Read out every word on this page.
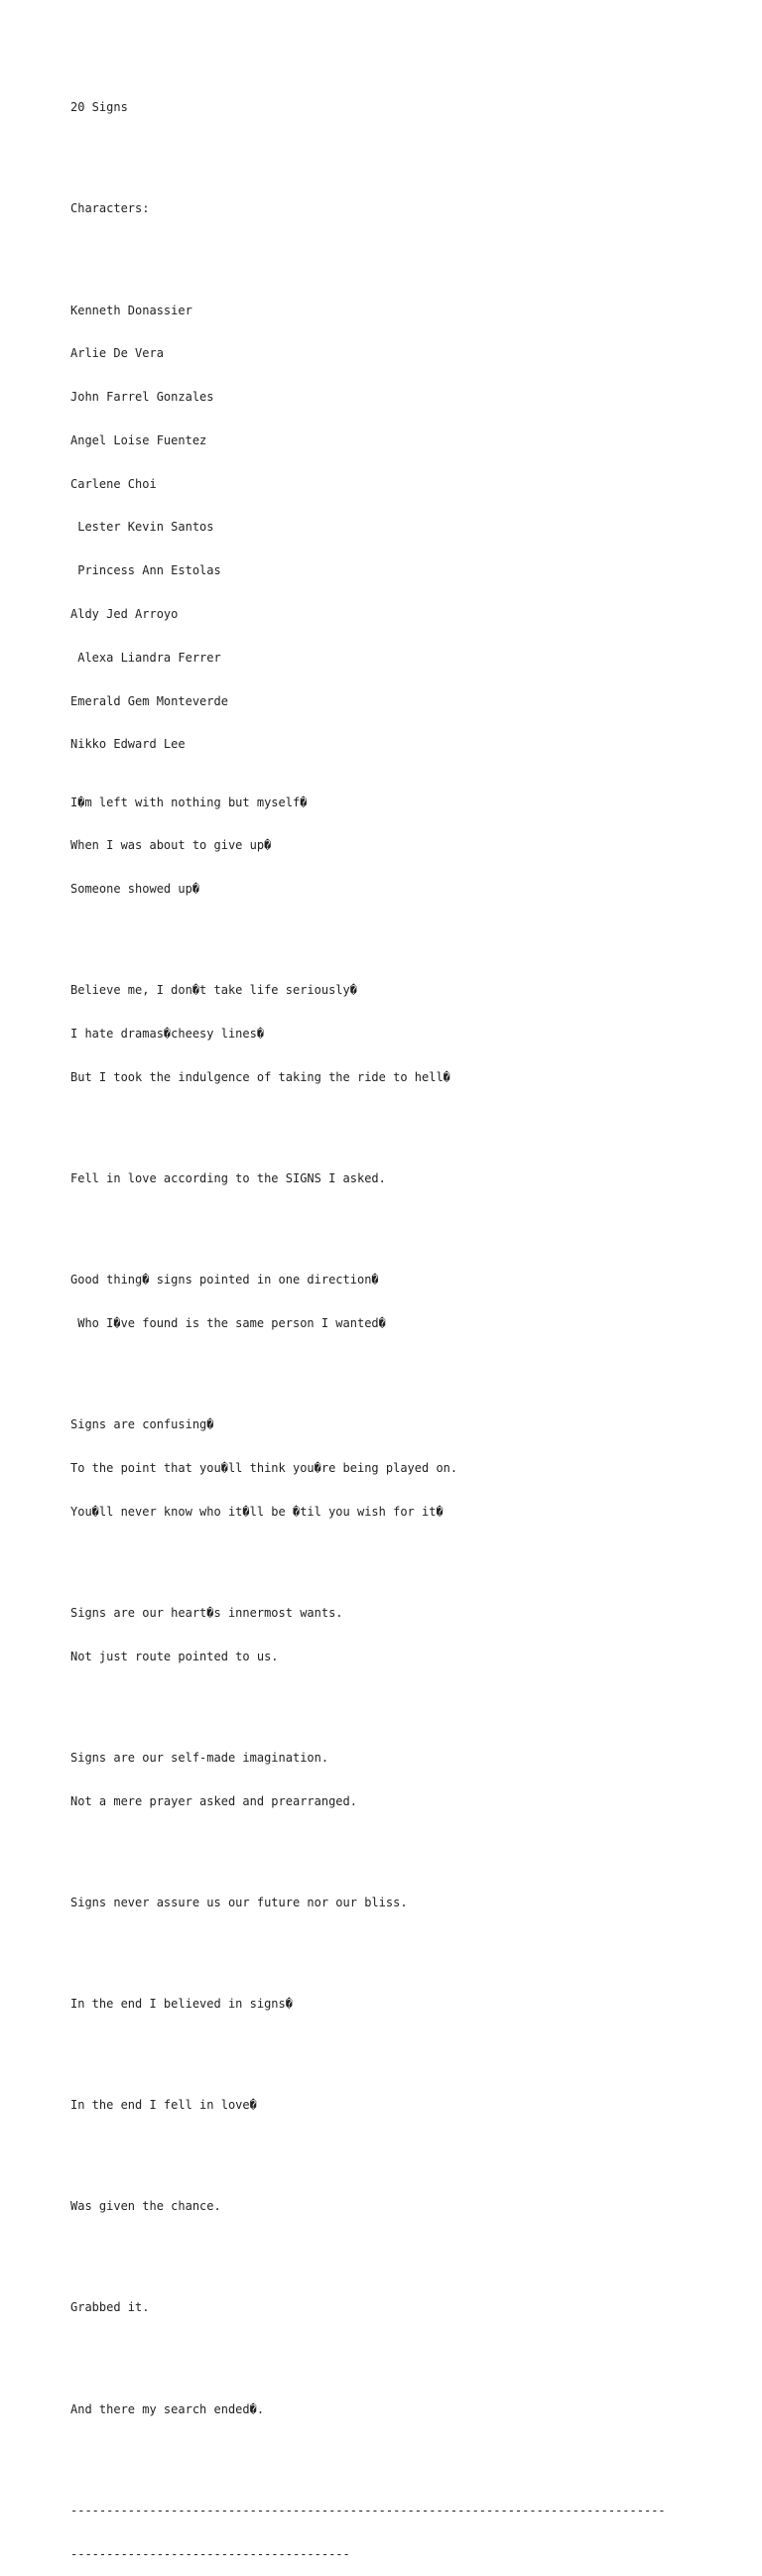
20 Signs

Characters:

Kenneth Donassier

Arlie De Vera

John Farrel Gonzales

Angel Loise Fuentez

Carlene Choi

Lester Kevin Santos

Princess Ann Estolas

Aldy Jed Arroyo

Alexa Liandra Ferrer

Emerald Gem Monteverde

Nikko Edward Lee

I�m left with nothing but myself�

When I was about to give up�

Someone showed up�

Believe me, I don�t take life seriously�

I hate dramas�cheesy lines�

But I took the indulgence of taking the ride to hell�

Fell in love according to the SIGNS I asked.

Good thing� signs pointed in one direction�

Who I�ve found is the same person I wanted�

Signs are confusing�

To the point that you�ll think you�re being played on.

You�ll never know who it�ll be �til you wish for it�

Signs are our heart�s innermost wants.

Not just route pointed to us.

Signs are our self-made imagination.

Not a mere prayer asked and prearranged.

Signs never assure us our future nor our bliss.

In the end I believed in signs�

In the end I fell in love�

Was given the chance.

Grabbed it.

And there my search ended�.

-----------------------------------------------------------------------------------

---------------------------------------
